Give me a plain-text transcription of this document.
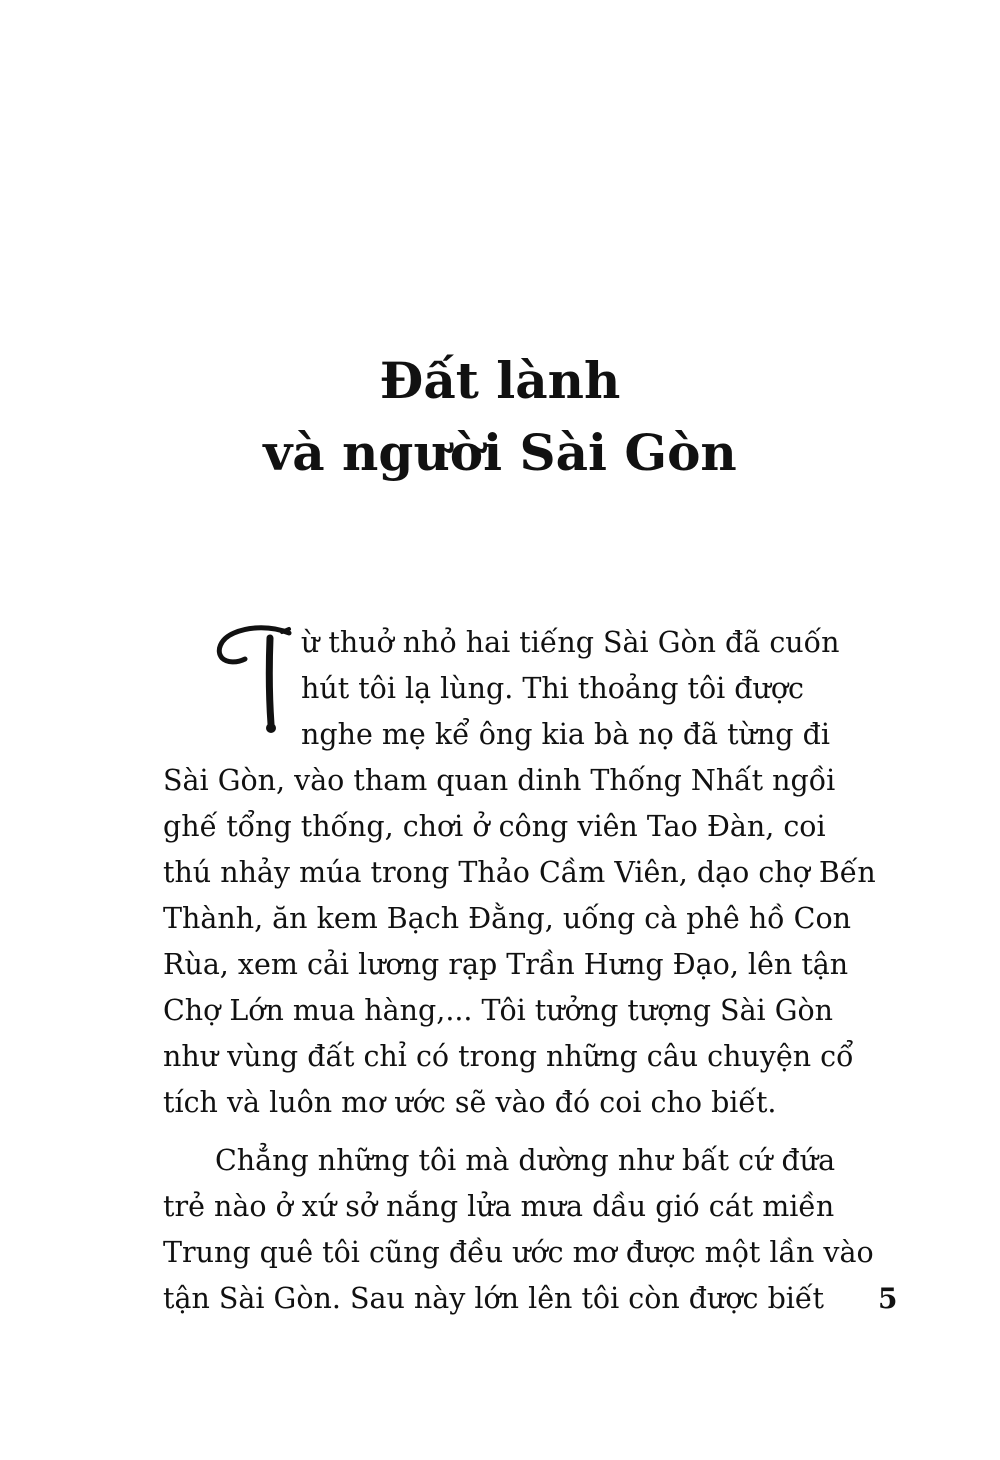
Đất lành
và người Sài Gòn
ừ thuở nhỏ hai tiếng Sài Gòn đã cuốn
hút tôi lạ lùng. Thi thoảng tôi được
nghe mẹ kể ông kia bà nọ đã từng đi
Sài Gòn, vào tham quan dinh Thống Nhất ngồi
ghế tổng thống, chơi ở công viên Tao Đàn, coi
thú nhảy múa trong Thảo Cầm Viên, dạo chợ Bến
Thành, ăn kem Bạch Đằng, uống cà phê hồ Con
Rùa, xem cải lương rạp Trần Hưng Đạo, lên tận
Chợ Lớn mua hàng,... Tôi tưởng tượng Sài Gòn
như vùng đất chỉ có trong những câu chuyện cổ
tích và luôn mơ ước sẽ vào đó coi cho biết.
Chẳng những tôi mà dường như bất cứ đứa
trẻ nào ở xứ sở nắng lửa mưa dầu gió cát miền
Trung quê tôi cũng đều ước mơ được một lần vào
tận Sài Gòn. Sau này lớn lên tôi còn được biết	5
